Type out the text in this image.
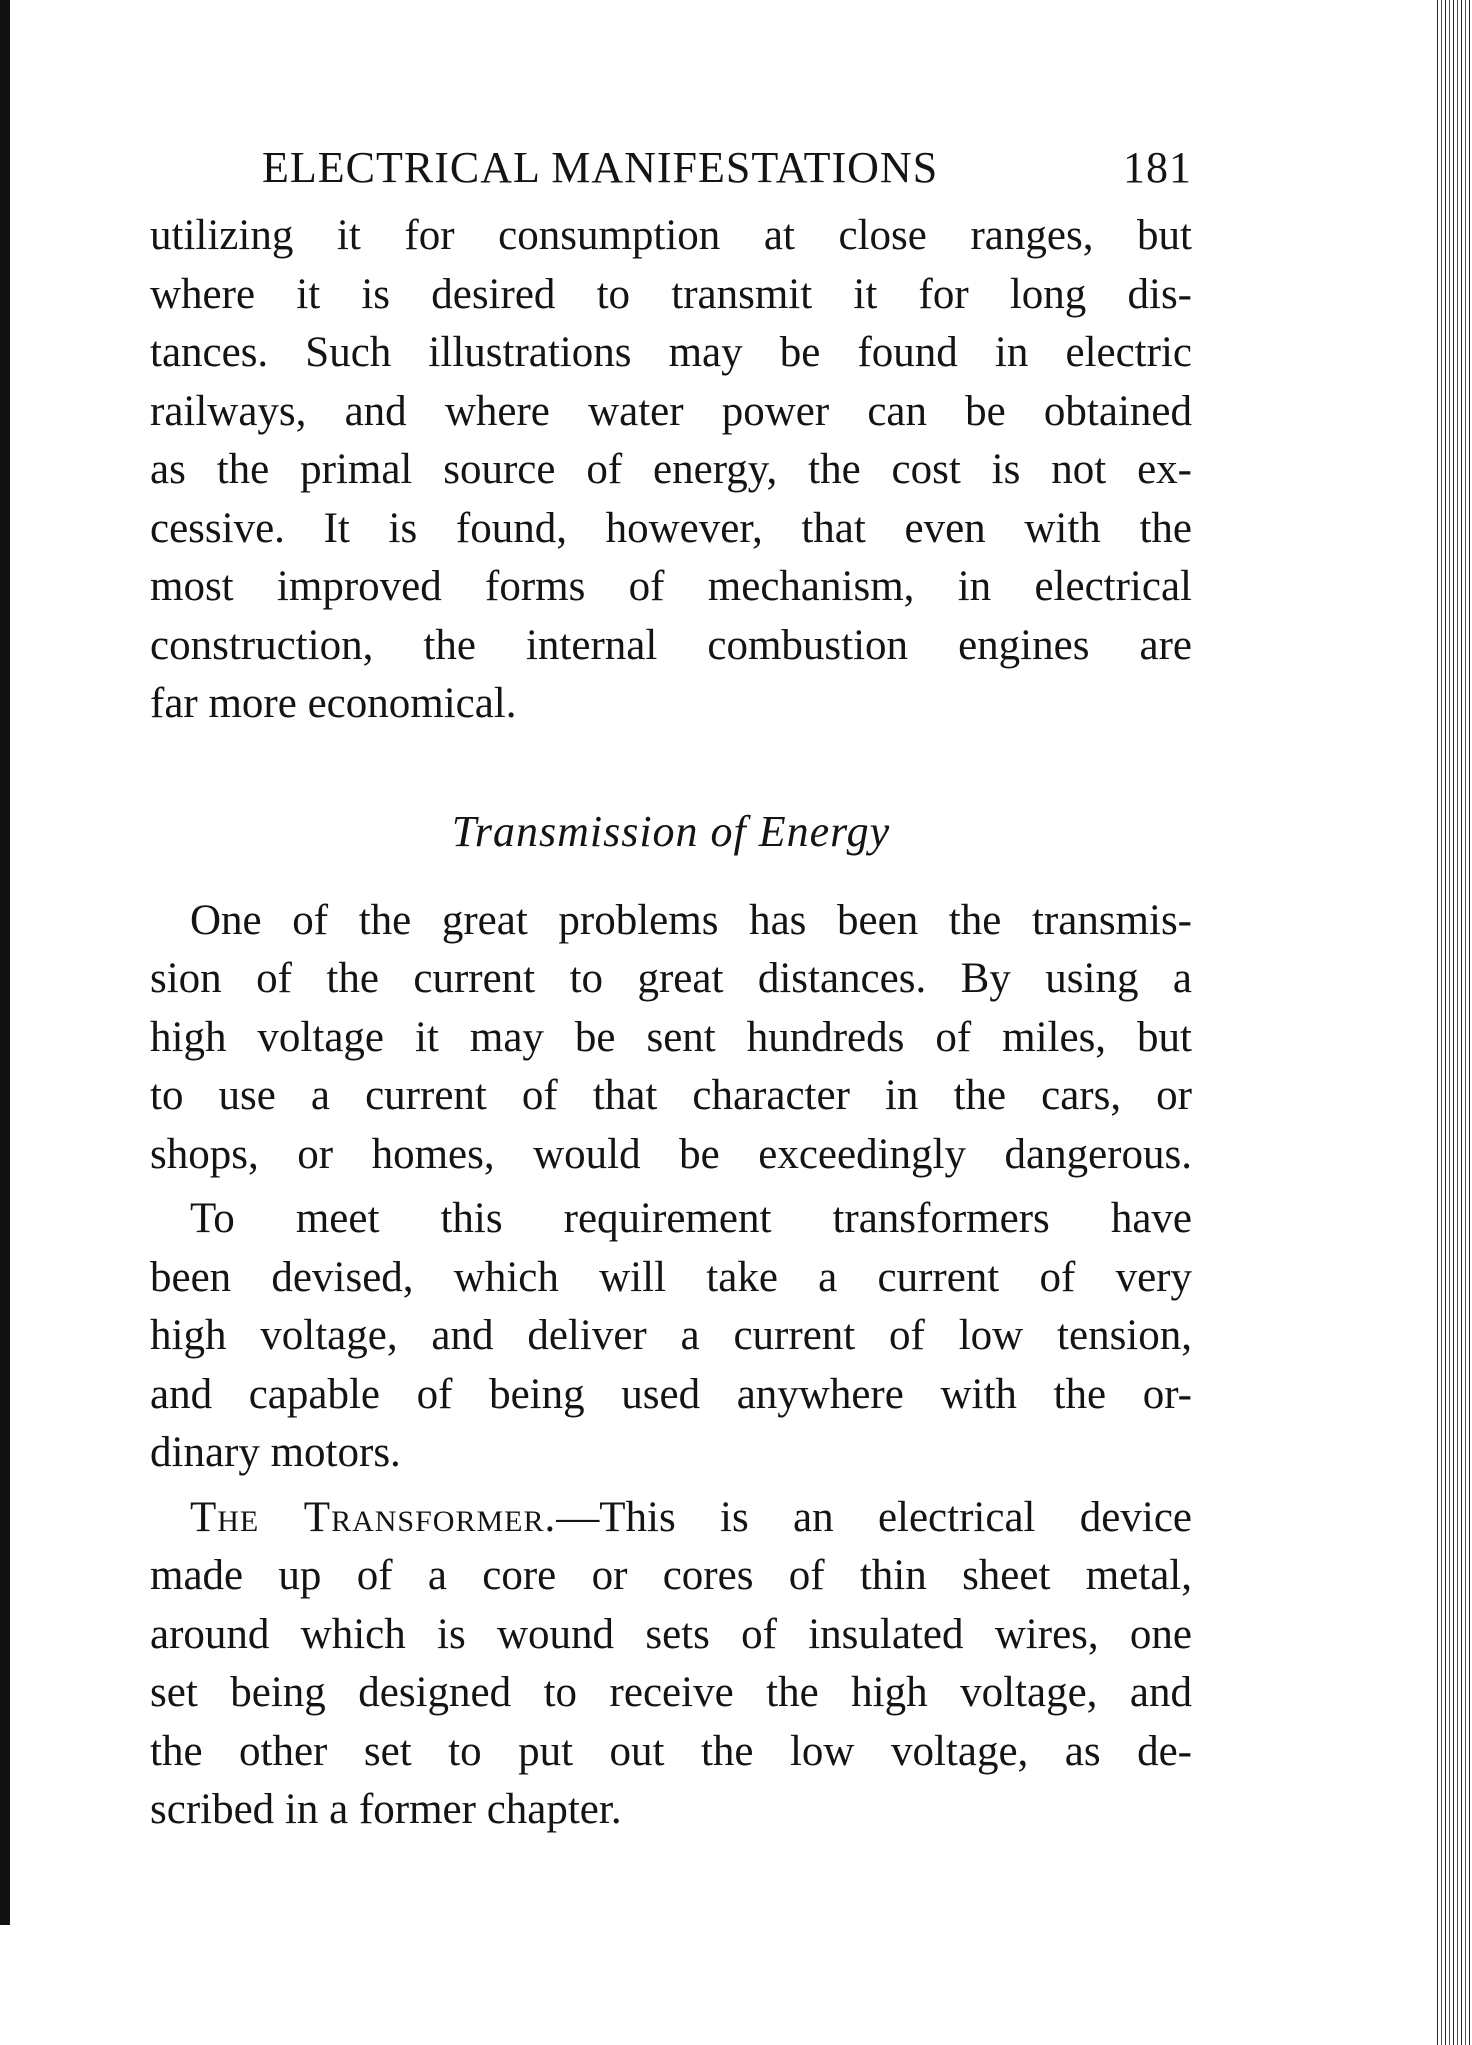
ELECTRICAL MANIFESTATIONS	181

utilizing it for consumption at close ranges, but
where it is desired to transmit it for long dis-
tances. Such illustrations may be found in electric
railways, and where water power can be obtained
as the primal source of energy, the cost is not ex-
cessive. It is found, however, that even with the
most improved forms of mechanism, in electrical
construction, the internal combustion engines are
far more economical.

Transmission of Energy

One of the great problems has been the transmis-
sion of the current to great distances. By using a
high voltage it may be sent hundreds of miles, but
to use a current of that character in the cars, or
shops, or homes, would be exceedingly dangerous.

To meet this requirement transformers have
been devised, which will take a current of very
high voltage, and deliver a current of low tension,
and capable of being used anywhere with the or-
dinary motors.

The Transformer.—This is an electrical device
made up of a core or cores of thin sheet metal,
around which is wound sets of insulated wires, one
set being designed to receive the high voltage, and
the other set to put out the low voltage, as de-
scribed in a former chapter.
